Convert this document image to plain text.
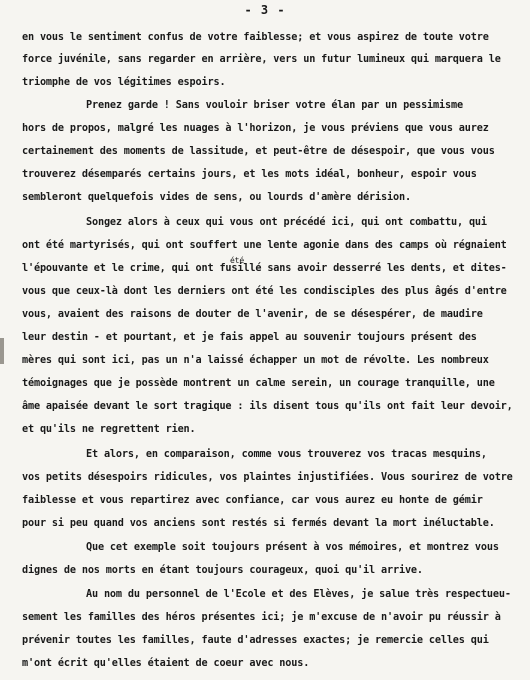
- 3 -
en vous le sentiment confus de votre faiblesse; et vous aspirez de toute votre
force juvénile, sans regarder en arrière, vers un futur lumineux qui marquera le
triomphe de vos légitimes espoirs.
Prenez garde ! Sans vouloir briser votre élan par un pessimisme
hors de propos, malgré les nuages à l'horizon, je vous préviens que vous aurez
certainement des moments de lassitude, et peut-être de désespoir, que vous vous
trouverez désemparés certains jours, et les mots idéal, bonheur, espoir vous
sembleront quelquefois vides de sens, ou lourds d'amère dérision.
Songez alors à ceux qui vous ont précédé ici, qui ont combattu, qui
ont été martyrisés, qui ont souffert une lente agonie dans des camps où régnaient
été
l'épouvante et le crime, qui ont fusillé sans avoir desserré les dents, et dites-
vous que ceux-là dont les derniers ont été les condisciples des plus âgés d'entre
vous, avaient des raisons de douter de l'avenir, de se désespérer, de maudire
leur destin - et pourtant, et je fais appel au souvenir toujours présent des
mères qui sont ici, pas un n'a laissé échapper un mot de révolte. Les nombreux
témoignages que je possède montrent un calme serein, un courage tranquille, une
âme apaisée devant le sort tragique : ils disent tous qu'ils ont fait leur devoir,
et qu'ils ne regrettent rien.
Et alors, en comparaison, comme vous trouverez vos tracas mesquins,
vos petits désespoirs ridicules, vos plaintes injustifiées. Vous sourirez de votre
faiblesse et vous repartirez avec confiance, car vous aurez eu honte de gémir
pour si peu quand vos anciens sont restés si fermés devant la mort inéluctable.
Que cet exemple soit toujours présent à vos mémoires, et montrez vous
dignes de nos morts en étant toujours courageux, quoi qu'il arrive.
Au nom du personnel de l'Ecole et des Elèves, je salue très respectueu-
sement les familles des héros présentes ici; je m'excuse de n'avoir pu réussir à
prévenir toutes les familles, faute d'adresses exactes; je remercie celles qui
m'ont écrit qu'elles étaient de coeur avec nous.
